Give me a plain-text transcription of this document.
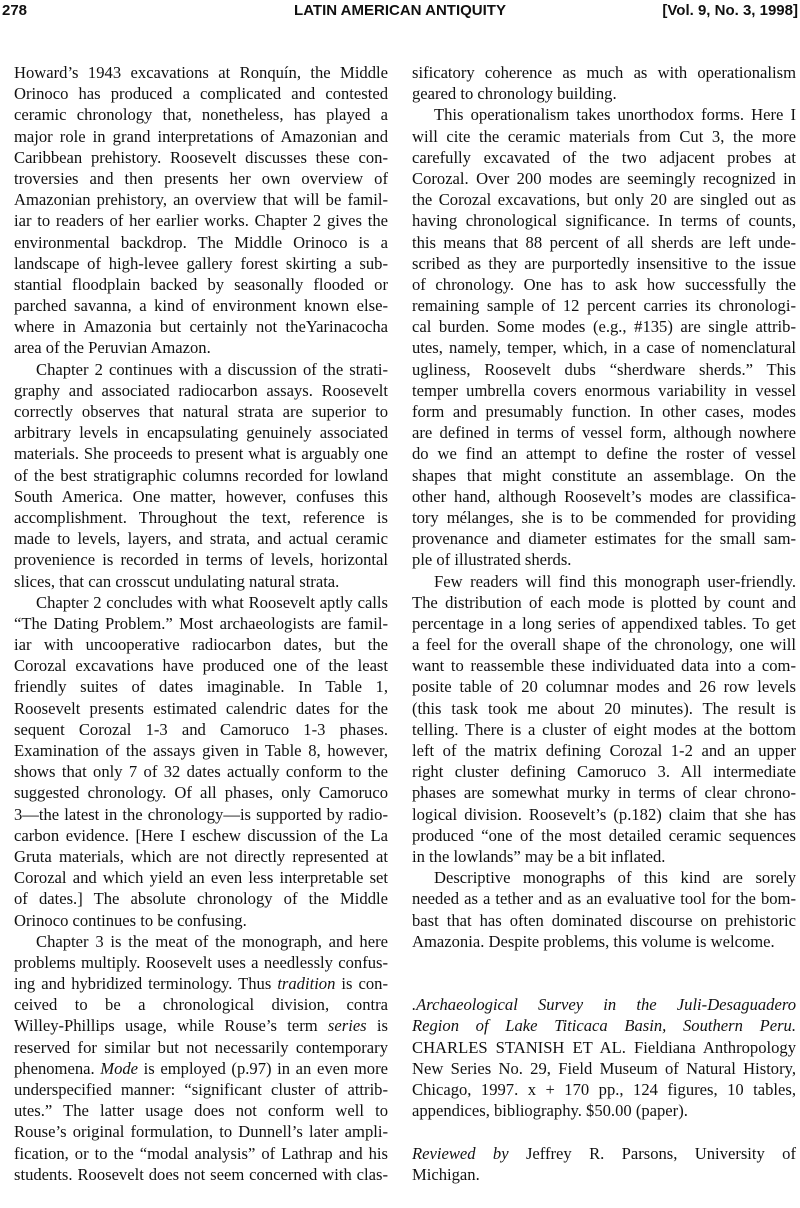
278	LATIN AMERICAN ANTIQUITY	[Vol. 9, No. 3, 1998]
Howard’s 1943 excavations at Ronquín, the Middle
Orinoco has produced a complicated and contested
ceramic chronology that, nonetheless, has played a
major role in grand interpretations of Amazonian and
Caribbean prehistory. Roosevelt discusses these con-
troversies and then presents her own overview of
Amazonian prehistory, an overview that will be famil-
iar to readers of her earlier works. Chapter 2 gives the
environmental backdrop. The Middle Orinoco is a
landscape of high-levee gallery forest skirting a sub-
stantial floodplain backed by seasonally flooded or
parched savanna, a kind of environment known else-
where in Amazonia but certainly not theYarinacocha
area of the Peruvian Amazon.
Chapter 2 continues with a discussion of the strati-
graphy and associated radiocarbon assays. Roosevelt
correctly observes that natural strata are superior to
arbitrary levels in encapsulating genuinely associated
materials. She proceeds to present what is arguably one
of the best stratigraphic columns recorded for lowland
South America. One matter, however, confuses this
accomplishment. Throughout the text, reference is
made to levels, layers, and strata, and actual ceramic
provenience is recorded in terms of levels, horizontal
slices, that can crosscut undulating natural strata.
Chapter 2 concludes with what Roosevelt aptly calls
“The Dating Problem.” Most archaeologists are famil-
iar with uncooperative radiocarbon dates, but the
Corozal excavations have produced one of the least
friendly suites of dates imaginable. In Table 1,
Roosevelt presents estimated calendric dates for the
sequent Corozal 1-3 and Camoruco 1-3 phases.
Examination of the assays given in Table 8, however,
shows that only 7 of 32 dates actually conform to the
suggested chronology. Of all phases, only Camoruco
3—the latest in the chronology—is supported by radio-
carbon evidence. [Here I eschew discussion of the La
Gruta materials, which are not directly represented at
Corozal and which yield an even less interpretable set
of dates.] The absolute chronology of the Middle
Orinoco continues to be confusing.
Chapter 3 is the meat of the monograph, and here
problems multiply. Roosevelt uses a needlessly confus-
ing and hybridized terminology. Thus tradition is con-
ceived to be a chronological division, contra
Willey-Phillips usage, while Rouse’s term series is
reserved for similar but not necessarily contemporary
phenomena. Mode is employed (p.97) in an even more
underspecified manner: “significant cluster of attrib-
utes.” The latter usage does not conform well to
Rouse’s original formulation, to Dunnell’s later ampli-
fication, or to the “modal analysis” of Lathrap and his
students. Roosevelt does not seem concerned with clas-
sificatory coherence as much as with operationalism
geared to chronology building.
This operationalism takes unorthodox forms. Here I
will cite the ceramic materials from Cut 3, the more
carefully excavated of the two adjacent probes at
Corozal. Over 200 modes are seemingly recognized in
the Corozal excavations, but only 20 are singled out as
having chronological significance. In terms of counts,
this means that 88 percent of all sherds are left unde-
scribed as they are purportedly insensitive to the issue
of chronology. One has to ask how successfully the
remaining sample of 12 percent carries its chronologi-
cal burden. Some modes (e.g., #135) are single attrib-
utes, namely, temper, which, in a case of nomenclatural
ugliness, Roosevelt dubs “sherdware sherds.” This
temper umbrella covers enormous variability in vessel
form and presumably function. In other cases, modes
are defined in terms of vessel form, although nowhere
do we find an attempt to define the roster of vessel
shapes that might constitute an assemblage. On the
other hand, although Roosevelt’s modes are classifica-
tory mélanges, she is to be commended for providing
provenance and diameter estimates for the small sam-
ple of illustrated sherds.
Few readers will find this monograph user-friendly.
The distribution of each mode is plotted by count and
percentage in a long series of appendixed tables. To get
a feel for the overall shape of the chronology, one will
want to reassemble these individuated data into a com-
posite table of 20 columnar modes and 26 row levels
(this task took me about 20 minutes). The result is
telling. There is a cluster of eight modes at the bottom
left of the matrix defining Corozal 1-2 and an upper
right cluster defining Camoruco 3. All intermediate
phases are somewhat murky in terms of clear chrono-
logical division. Roosevelt’s (p.182) claim that she has
produced “one of the most detailed ceramic sequences
in the lowlands” may be a bit inflated.
Descriptive monographs of this kind are sorely
needed as a tether and as an evaluative tool for the bom-
bast that has often dominated discourse on prehistoric
Amazonia. Despite problems, this volume is welcome.
.Archaeological Survey in the Juli-Desaguadero
Region of Lake Titicaca Basin, Southern Peru.
CHARLES STANISH ET AL. Fieldiana Anthropology
New Series No. 29, Field Museum of Natural History,
Chicago, 1997. x + 170 pp., 124 figures, 10 tables,
appendices, bibliography. $50.00 (paper).
Reviewed by Jeffrey R. Parsons, University of
Michigan.
